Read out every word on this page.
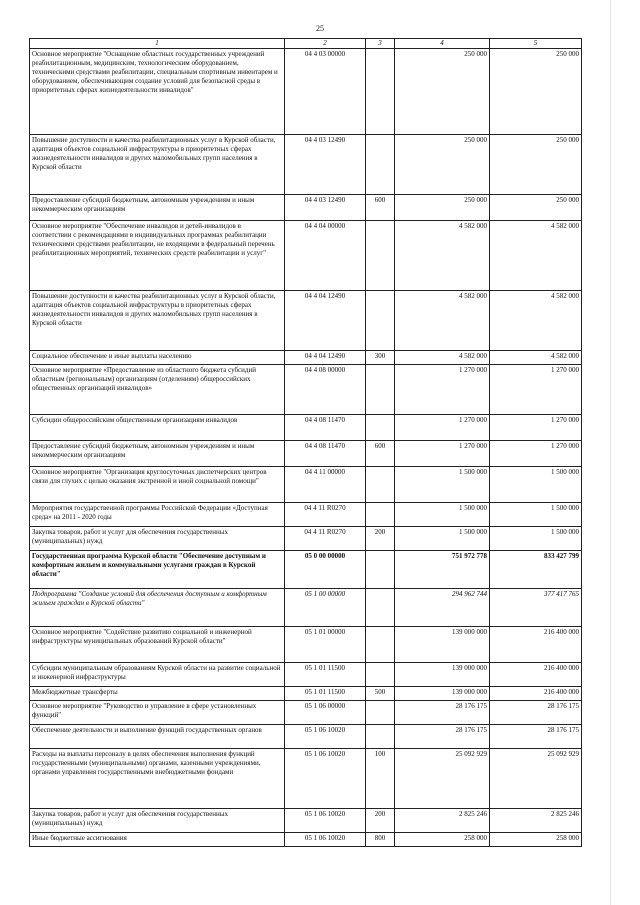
25
1	2	3	4	5
Основное мероприятие "Оснащение областных государственных учреждений реабилитационным, медицинским, технологическим оборудованием, техническими средствами реабилитации, специальным спортивным инвентарем и оборудованием, обеспечивающим создание условий для безопасной среды в приоритетных сферах жизнедеятельности инвалидов"	04 4 03 00000		250 000	250 000
Повышение доступности и качества реабилитационных услуг в Курской области, адаптация объектов социальной инфраструктуры в приоритетных сферах жизнедеятельности инвалидов и других маломобильных групп населения в Курской области	04 4 03 12490		250 000	250 000
Предоставление субсидий бюджетным, автономным учреждениям и иным некоммерческим организациям	04 4 03 12490	600	250 000	250 000
Основное мероприятие "Обеспечение инвалидов и детей-инвалидов в соответствии с рекомендациями в индивидуальных программах реабилитации техническими средствами реабилитации, не входящими в федеральный перечень реабилитационных мероприятий, технических средств реабилитации и услуг"	04 4 04 00000		4 582 000	4 582 000
Повышение доступности и качества реабилитационных услуг в Курской области, адаптация объектов социальной инфраструктуры в приоритетных сферах жизнедеятельности инвалидов и других маломобильных групп населения в Курской области	04 4 04 12490		4 582 000	4 582 000
Социальное обеспечение и иные выплаты населению	04 4 04 12490	300	4 582 000	4 582 000
Основное мероприятие «Предоставление из областного бюджета субсидий областным (региональным) организациям (отделениям) общероссийских общественных организаций инвалидов»	04 4 08 00000		1 270 000	1 270 000
Субсидии общероссийским общественным организациям инвалидов	04 4 08 11470		1 270 000	1 270 000
Предоставление субсидий бюджетным, автономным учреждениям и иным некоммерческим организациям	04 4 08 11470	600	1 270 000	1 270 000
Основное мероприятие "Организация круглосуточных диспетчерских центров связи для глухих с целью оказания экстренной и иной социальной помощи"	04 4 11 00000		1 500 000	1 500 000
Мероприятия государственной программы Российской Федерации «Доступная среда» на 2011 - 2020 годы	04 4 11 R0270		1 500 000	1 500 000
Закупка товаров, работ и услуг для обеспечения государственных (муниципальных) нужд	04 4 11 R0270	200	1 500 000	1 500 000
Государственная программа Курской области "Обеспечение доступным и комфортным жильем и коммунальными услугами граждан в Курской области"	05 0 00 00000		751 972 778	833 427 799
Подпрограмма "Создание условий для обеспечения доступным и комфортным жильем граждан в Курской области"	05 1 00 00000		294 962 744	377 417 765
Основное мероприятие "Содействие развитию социальной и инженерной инфраструктуры муниципальных образований Курской области"	05 1 01 00000		139 000 000	216 400 000
Субсидии муниципальным образованиям Курской области на развитие социальной и инженерной инфраструктуры	05 1 01 11500		139 000 000	216 400 000
Межбюджетные трансферты	05 1 01 11500	500	139 000 000	216 400 000
Основное мероприятие "Руководство и управление в сфере установленных функций"	05 1 06 00000		28 176 175	28 176 175
Обеспечение деятельности и выполнение функций государственных органов	05 1 06 10020		28 176 175	28 176 175
Расходы на выплаты персоналу в целях обеспечения выполнения функций государственными (муниципальными) органами, казенными учреждениями, органами управления государственными внебюджетными фондами	05 1 06 10020	100	25 092 929	25 092 929
Закупка товаров, работ и услуг для обеспечения государственных (муниципальных) нужд	05 1 06 10020	200	2 825 246	2 825 246
Иные бюджетные ассигнования	05 1 06 10020	800	258 000	258 000
